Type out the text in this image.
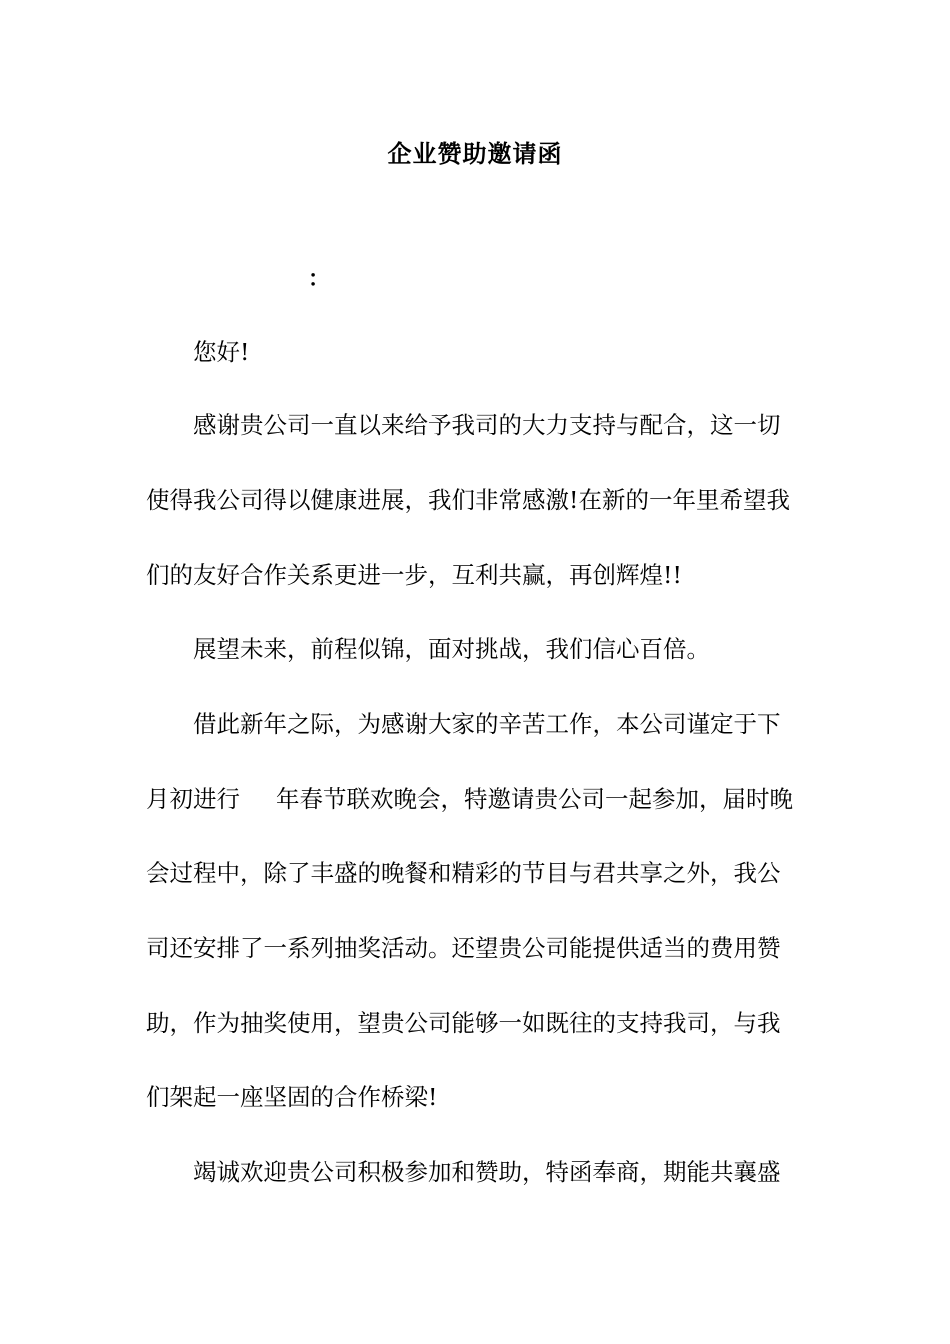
企业赞助邀请函
：
您好!
感谢贵公司一直以来给予我司的大力支持与配合，这一切
使得我公司得以健康进展，我们非常感激!在新的一年里希望我
们的友好合作关系更进一步，互利共赢，再创辉煌!!
展望未来，前程似锦，面对挑战，我们信心百倍。
借此新年之际，为感谢大家的辛苦工作，本公司谨定于下
月初进行 年春节联欢晚会，特邀请贵公司一起参加，届时晚
会过程中，除了丰盛的晚餐和精彩的节目与君共享之外，我公
司还安排了一系列抽奖活动。还望贵公司能提供适当的费用赞
助，作为抽奖使用，望贵公司能够一如既往的支持我司，与我
们架起一座坚固的合作桥梁!
竭诚欢迎贵公司积极参加和赞助，特函奉商，期能共襄盛
